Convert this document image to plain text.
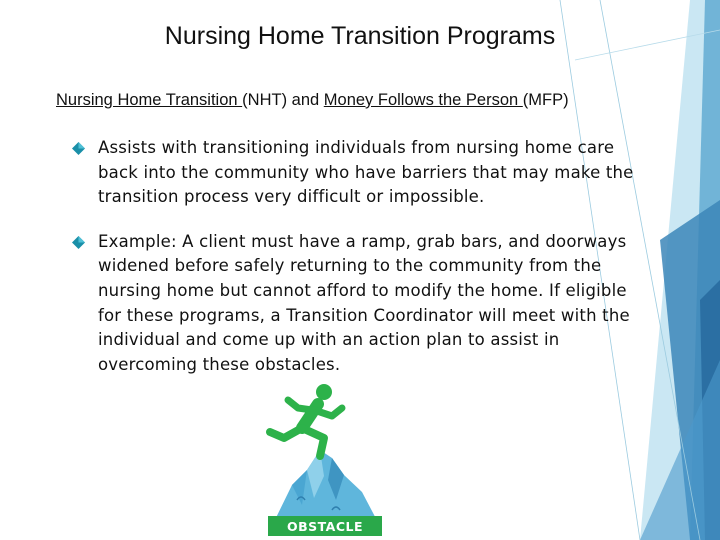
Nursing Home Transition Programs
Nursing Home Transition (NHT) and Money Follows the Person (MFP)
Assists with transitioning individuals from nursing home care back into the community who have barriers that may make the transition process very difficult or impossible.
Example: A client must have a ramp, grab bars, and doorways widened before safely returning to the community from the nursing home but cannot afford to modify the home. If eligible for these programs, a Transition Coordinator will meet with the individual and come up with an action plan to assist in overcoming these obstacles.
OBSTACLE
